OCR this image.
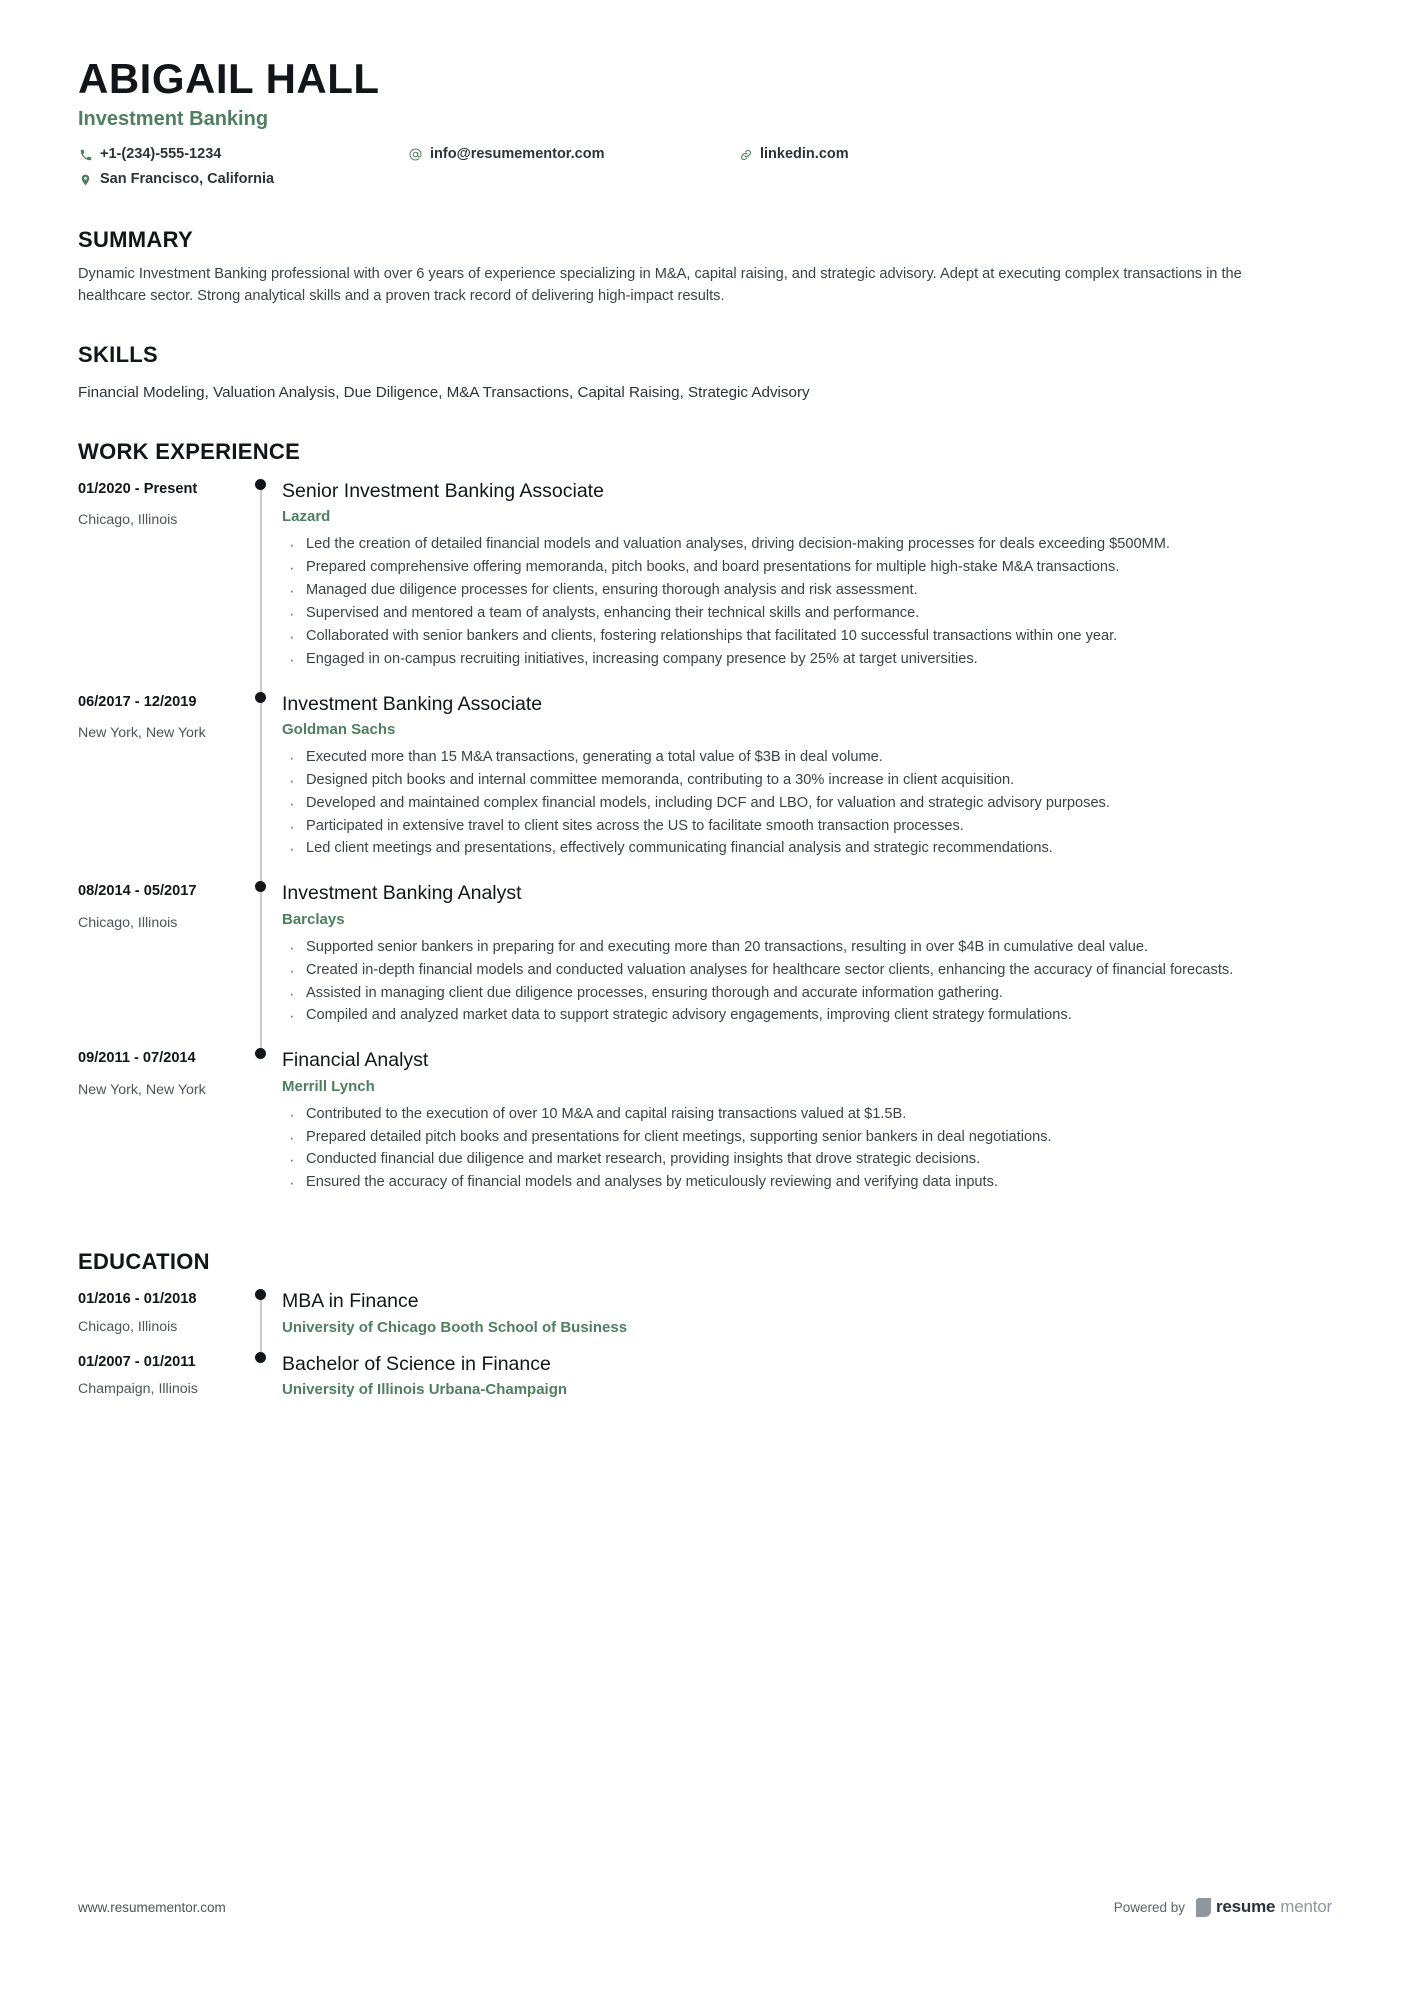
ABIGAIL HALL
Investment Banking
+1-(234)-555-1234
San Francisco, California
info@resumementor.com	linkedin.com
SUMMARY
Dynamic Investment Banking professional with over 6 years of experience specializing in M&A, capital raising, and strategic advisory. Adept at executing complex transactions in the healthcare sector. Strong analytical skills and a proven track record of delivering high-impact results.
SKILLS
Financial Modeling, Valuation Analysis, Due Diligence, M&A Transactions, Capital Raising, Strategic Advisory
WORK EXPERIENCE
01/2020 - Present
Chicago, Illinois
Senior Investment Banking Associate
Lazard
· Led the creation of detailed financial models and valuation analyses, driving decision-making processes for deals exceeding $500MM.
· Prepared comprehensive offering memoranda, pitch books, and board presentations for multiple high-stake M&A transactions.
· Managed due diligence processes for clients, ensuring thorough analysis and risk assessment.
· Supervised and mentored a team of analysts, enhancing their technical skills and performance.
· Collaborated with senior bankers and clients, fostering relationships that facilitated 10 successful transactions within one year.
· Engaged in on-campus recruiting initiatives, increasing company presence by 25% at target universities.
06/2017 - 12/2019
New York, New York
Investment Banking Associate
Goldman Sachs
· Executed more than 15 M&A transactions, generating a total value of $3B in deal volume.
· Designed pitch books and internal committee memoranda, contributing to a 30% increase in client acquisition.
· Developed and maintained complex financial models, including DCF and LBO, for valuation and strategic advisory purposes.
· Participated in extensive travel to client sites across the US to facilitate smooth transaction processes.
· Led client meetings and presentations, effectively communicating financial analysis and strategic recommendations.
08/2014 - 05/2017
Chicago, Illinois
Investment Banking Analyst
Barclays
· Supported senior bankers in preparing for and executing more than 20 transactions, resulting in over $4B in cumulative deal value.
· Created in-depth financial models and conducted valuation analyses for healthcare sector clients, enhancing the accuracy of financial forecasts.
· Assisted in managing client due diligence processes, ensuring thorough and accurate information gathering.
· Compiled and analyzed market data to support strategic advisory engagements, improving client strategy formulations.
09/2011 - 07/2014
New York, New York
Financial Analyst
Merrill Lynch
· Contributed to the execution of over 10 M&A and capital raising transactions valued at $1.5B.
· Prepared detailed pitch books and presentations for client meetings, supporting senior bankers in deal negotiations.
· Conducted financial due diligence and market research, providing insights that drove strategic decisions.
· Ensured the accuracy of financial models and analyses by meticulously reviewing and verifying data inputs.
EDUCATION
01/2016 - 01/2018
Chicago, Illinois
MBA in Finance
University of Chicago Booth School of Business
01/2007 - 01/2011
Champaign, Illinois
Bachelor of Science in Finance
University of Illinois Urbana-Champaign
www.resumementor.com	Powered by resume mentor
